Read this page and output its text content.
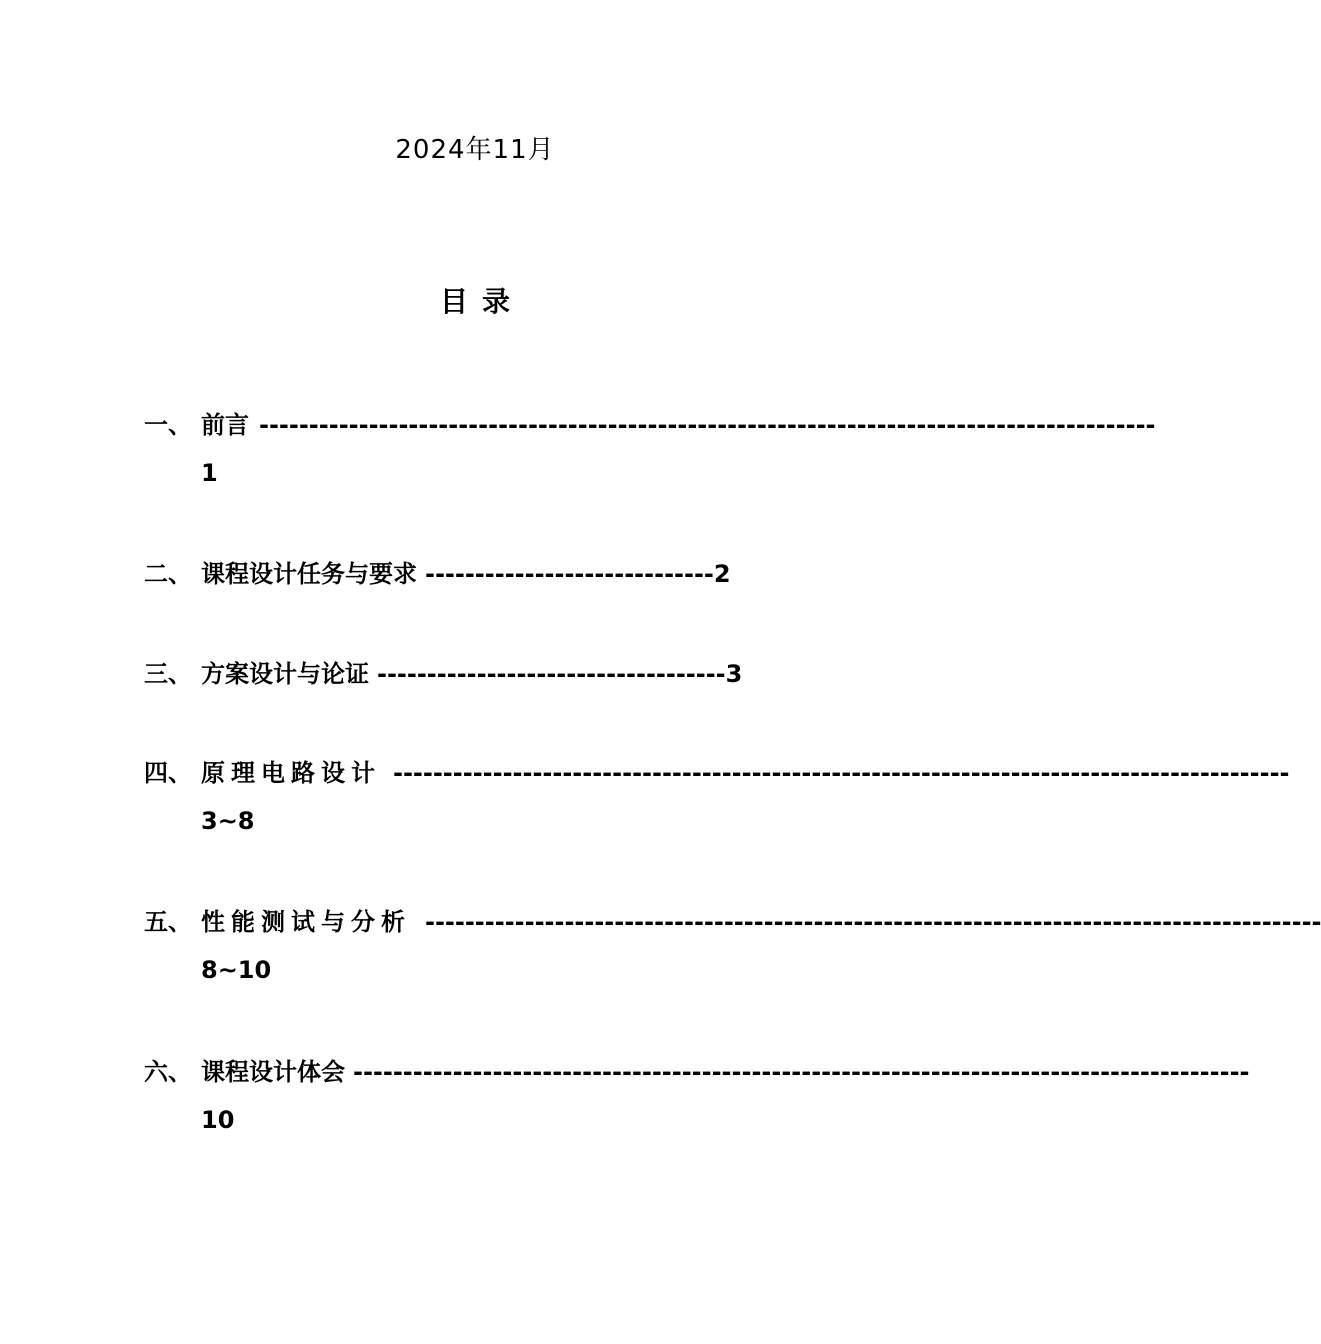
2024年11月
目录
一、 前言 ------------------------------------------------------------------------------------------
1
二、 课程设计任务与要求 ----------------------------- 2
三、 方案设计与论证 ----------------------------------- 3
四、 原理电路设计 ------------------------------------------------------------------------------------------
3~8
五、 性能测试与分析 ------------------------------------------------------------------------------------------
8~10
六、 课程设计体会 ------------------------------------------------------------------------------------------
10
